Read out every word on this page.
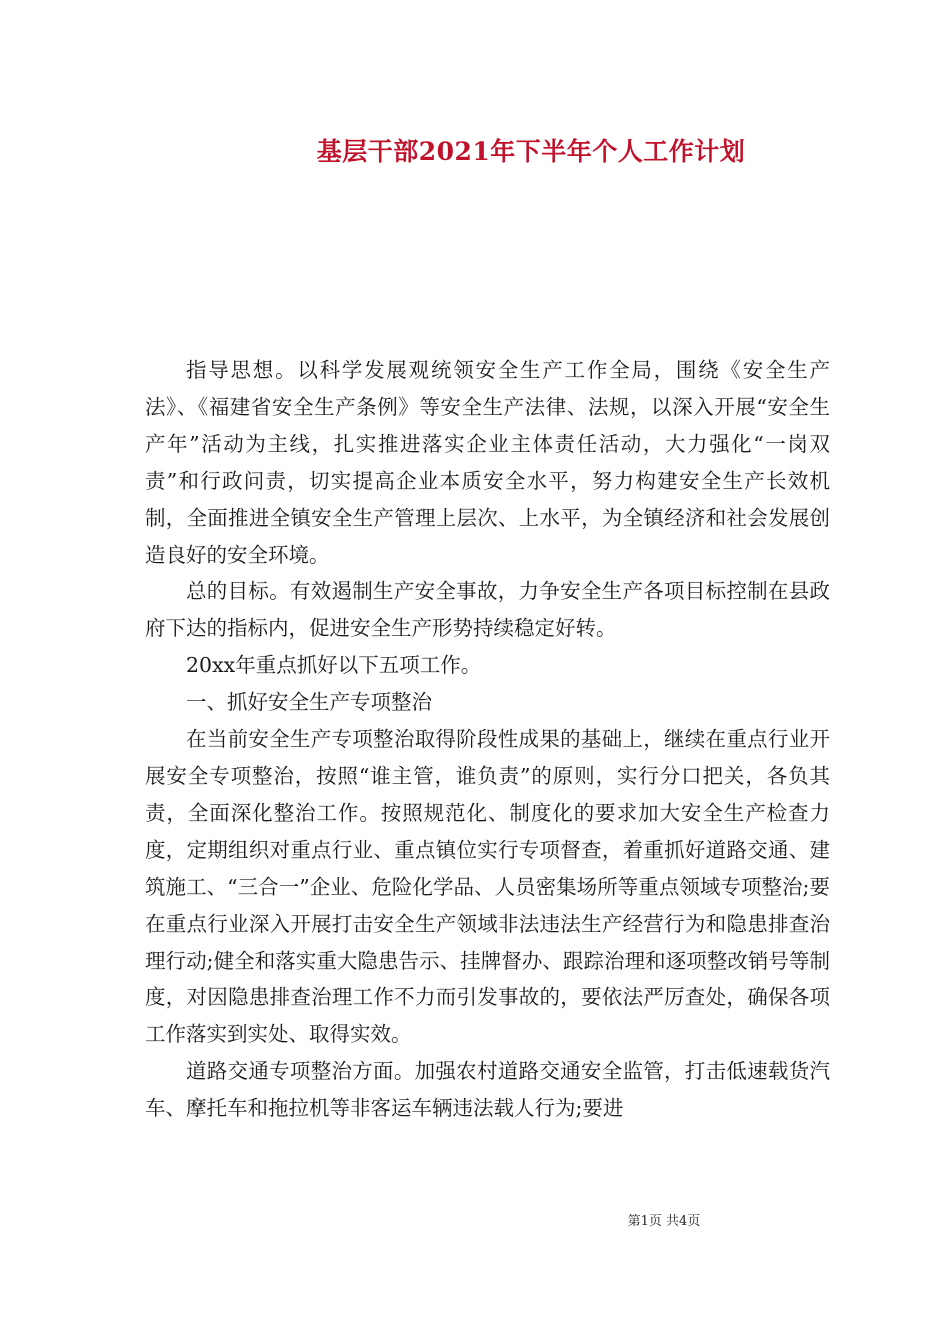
基层干部2021年下半年个人工作计划

指导思想。以科学发展观统领安全生产工作全局，围绕《安全生产法》、《福建省安全生产条例》等安全生产法律、法规，以深入开展“安全生产年”活动为主线，扎实推进落实企业主体责任活动，大力强化“一岗双责”和行政问责，切实提高企业本质安全水平，努力构建安全生产长效机制，全面推进全镇安全生产管理上层次、上水平，为全镇经济和社会发展创造良好的安全环境。

总的目标。有效遏制生产安全事故，力争安全生产各项目标控制在县政府下达的指标内，促进安全生产形势持续稳定好转。

20xx年重点抓好以下五项工作。

一、抓好安全生产专项整治

在当前安全生产专项整治取得阶段性成果的基础上，继续在重点行业开展安全专项整治，按照“谁主管，谁负责”的原则，实行分口把关，各负其责，全面深化整治工作。按照规范化、制度化的要求加大安全生产检查力度，定期组织对重点行业、重点镇位实行专项督查，着重抓好道路交通、建筑施工、“三合一”企业、危险化学品、人员密集场所等重点领域专项整治;要在重点行业深入开展打击安全生产领域非法违法生产经营行为和隐患排查治理行动;健全和落实重大隐患告示、挂牌督办、跟踪治理和逐项整改销号等制度，对因隐患排查治理工作不力而引发事故的，要依法严厉查处，确保各项工作落实到实处、取得实效。

道路交通专项整治方面。加强农村道路交通安全监管，打击低速载货汽车、摩托车和拖拉机等非客运车辆违法载人行为;要进

第1页 共4页
